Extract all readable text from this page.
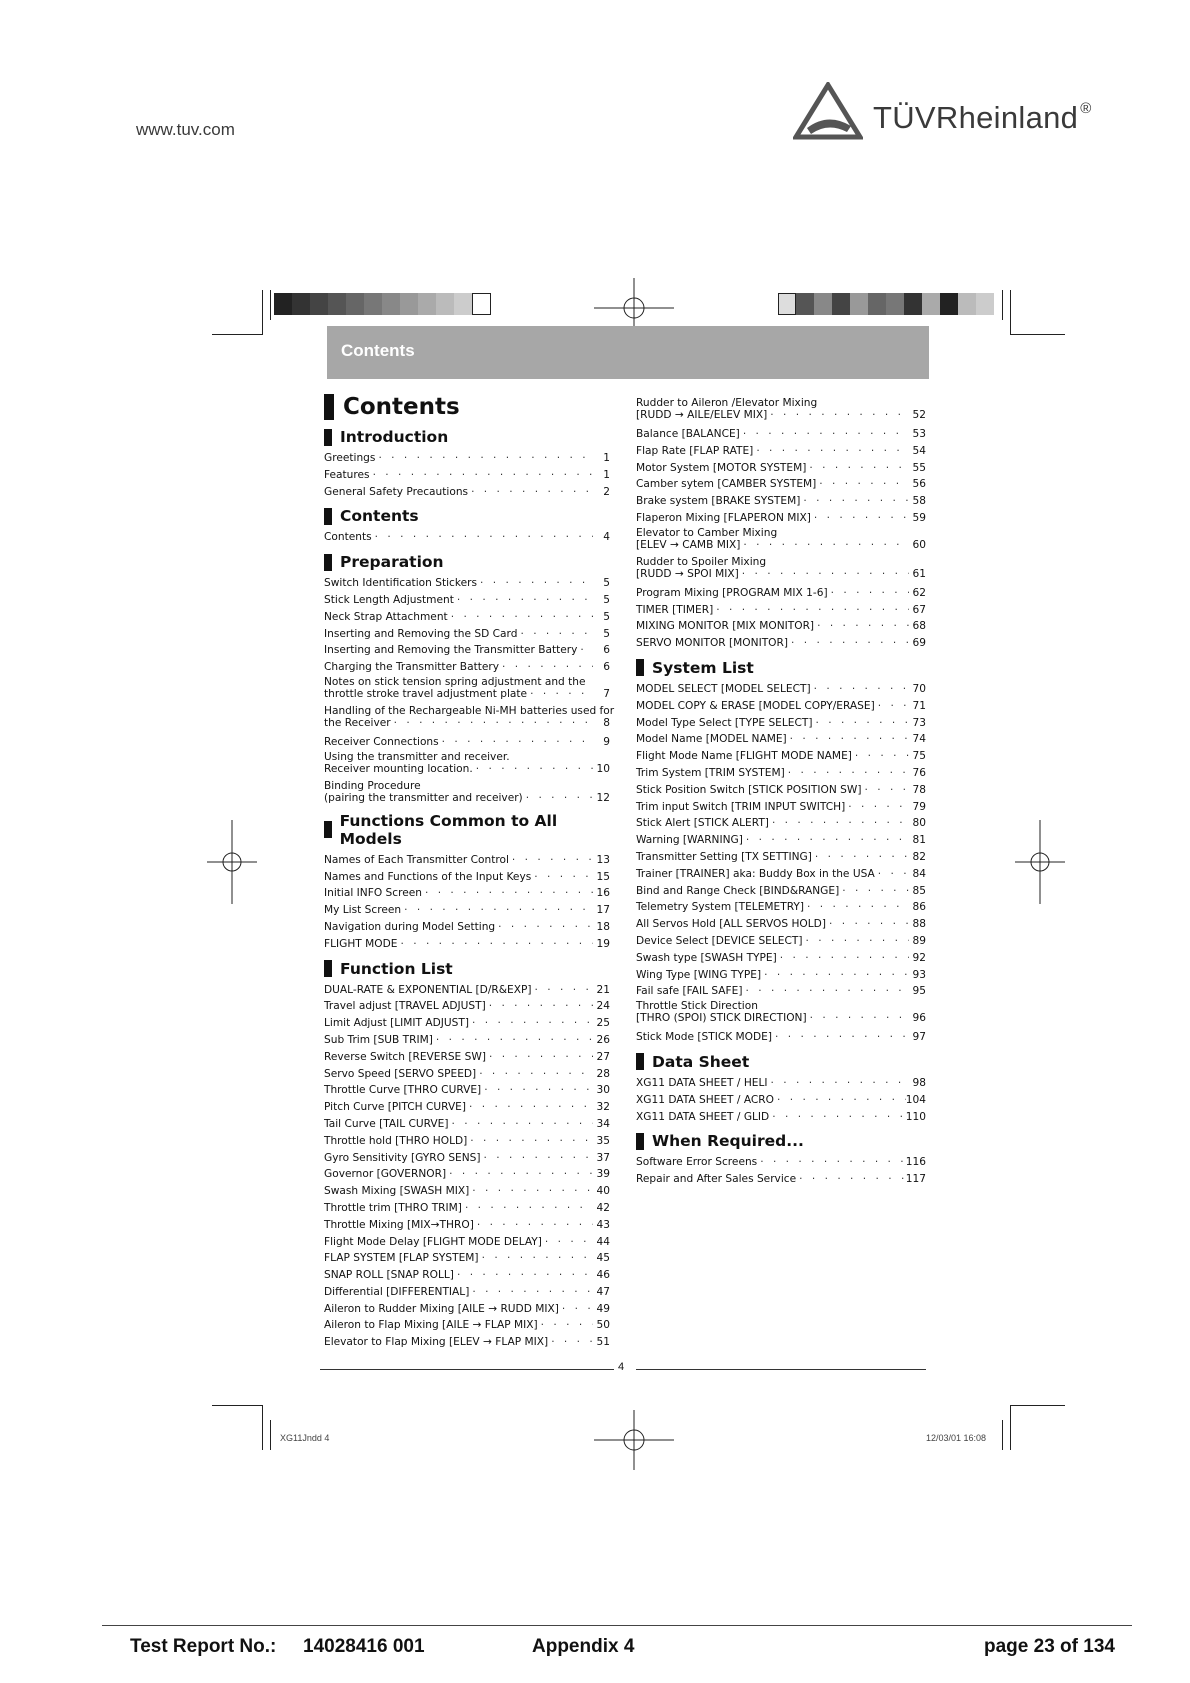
www.tuv.com	TÜVRheinland ®
Contents
Contents
Introduction
Greetings · · ·	1
Features · · ·	1
General Safety Precautions · · ·	2
Contents
Contents · · ·	4
Preparation
Switch Identification Stickers · · ·	5
Stick Length Adjustment · · ·	5
Neck Strap Attachment · · ·	5
Inserting and Removing the SD Card · · ·	5
Inserting and Removing the Transmitter Battery · · ·	6
Charging the Transmitter Battery · · ·	6
Notes on stick tension spring adjustment and the
throttle stroke travel adjustment plate · · ·	7
Handling of the Rechargeable Ni-MH batteries used for
the Receiver · · ·	8
Receiver Connections · · ·	9
Using the transmitter and receiver.
Receiver mounting location. · · ·	10
Binding Procedure
(pairing the transmitter and receiver) · · ·	12
Functions Common to All Models
Names of Each Transmitter Control · · ·	13
Names and Functions of the Input Keys · · ·	15
Initial INFO Screen · · ·	16
My List Screen · · ·	17
Navigation during Model Setting · · ·	18
FLIGHT MODE · · ·	19
Function List
DUAL-RATE & EXPONENTIAL [D/R&EXP] · · ·	21
Travel adjust [TRAVEL ADJUST] · · ·	24
Limit Adjust [LIMIT ADJUST] · · ·	25
Sub Trim [SUB TRIM] · · ·	26
Reverse Switch [REVERSE SW] · · ·	27
Servo Speed [SERVO SPEED] · · ·	28
Throttle Curve [THRO CURVE] · · ·	30
Pitch Curve [PITCH CURVE] · · ·	32
Tail Curve [TAIL CURVE] · · ·	34
Throttle hold [THRO HOLD] · · ·	35
Gyro Sensitivity [GYRO SENS] · · ·	37
Governor [GOVERNOR] · · ·	39
Swash Mixing [SWASH MIX] · · ·	40
Throttle trim [THRO TRIM] · · ·	42
Throttle Mixing [MIX→THRO] · · ·	43
Flight Mode Delay [FLIGHT MODE DELAY] · · ·	44
FLAP SYSTEM [FLAP SYSTEM] · · ·	45
SNAP ROLL [SNAP ROLL] · · ·	46
Differential [DIFFERENTIAL] · · ·	47
Aileron to Rudder Mixing [AILE → RUDD MIX] · · ·	49
Aileron to Flap Mixing [AILE → FLAP MIX] · · ·	50
Elevator to Flap Mixing [ELEV → FLAP MIX] · · ·	51
Rudder to Aileron /Elevator Mixing
[RUDD → AILE/ELEV MIX] · · ·	52
Balance [BALANCE] · · ·	53
Flap Rate [FLAP RATE] · · ·	54
Motor System [MOTOR SYSTEM] · · ·	55
Camber sytem [CAMBER SYSTEM] · · ·	56
Brake system [BRAKE SYSTEM] · · ·	58
Flaperon Mixing [FLAPERON MIX] · · ·	59
Elevator to Camber Mixing
[ELEV → CAMB MIX] · · ·	60
Rudder to Spoiler Mixing
[RUDD → SPOI MIX] · · ·	61
Program Mixing [PROGRAM MIX 1-6] · · ·	62
TIMER [TIMER] · · ·	67
MIXING MONITOR [MIX MONITOR] · · ·	68
SERVO MONITOR [MONITOR] · · ·	69
System List
MODEL SELECT [MODEL SELECT] · · ·	70
MODEL COPY & ERASE [MODEL COPY/ERASE] · · ·	71
Model Type Select [TYPE SELECT] · · ·	73
Model Name [MODEL NAME] · · ·	74
Flight Mode Name [FLIGHT MODE NAME] · · ·	75
Trim System [TRIM SYSTEM] · · ·	76
Stick Position Switch [STICK POSITION SW] · · ·	78
Trim input Switch [TRIM INPUT SWITCH] · · ·	79
Stick Alert [STICK ALERT] · · ·	80
Warning [WARNING] · · ·	81
Transmitter Setting [TX SETTING] · · ·	82
Trainer [TRAINER] aka: Buddy Box in the USA · · ·	84
Bind and Range Check [BIND&RANGE] · · ·	85
Telemetry System [TELEMETRY] · · ·	86
All Servos Hold [ALL SERVOS HOLD] · · ·	88
Device Select [DEVICE SELECT] · · ·	89
Swash type [SWASH TYPE] · · ·	92
Wing Type [WING TYPE] · · ·	93
Fail safe [FAIL SAFE] · · ·	95
Throttle Stick Direction
[THRO (SPOI) STICK DIRECTION] · · ·	96
Stick Mode [STICK MODE] · · ·	97
Data Sheet
XG11 DATA SHEET / HELI · · ·	98
XG11 DATA SHEET / ACRO · · ·	104
XG11 DATA SHEET / GLID · · ·	110
When Required...
Software Error Screens · · ·	116
Repair and After Sales Service · · ·	117
4
XG11Jndd 4	12/03/01 16:08
Test Report No.: 14028416 001	Appendix 4	page 23 of 134
